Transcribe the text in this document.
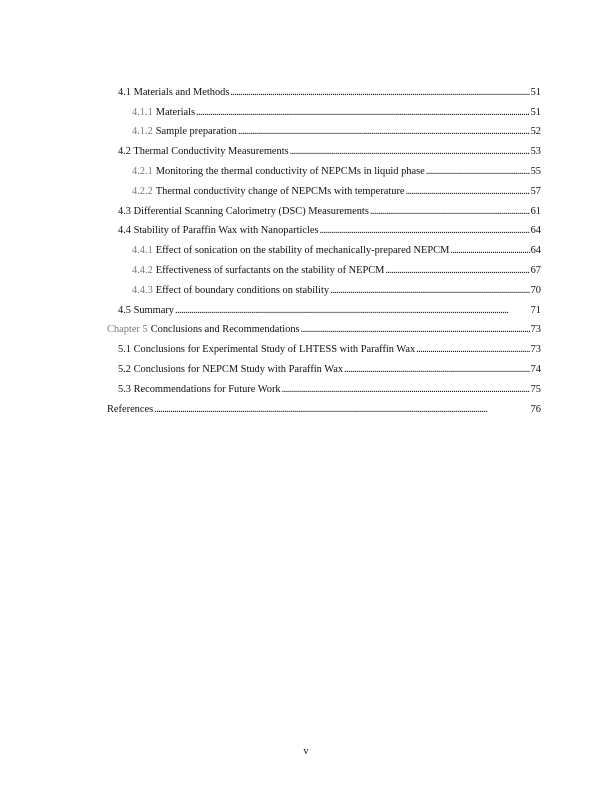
4.1 Materials and Methods . . .	51
4.1.1 Materials . . .	51
4.1.2 Sample preparation . . .	52
4.2 Thermal Conductivity Measurements . . .	53
4.2.1 Monitoring the thermal conductivity of NEPCMs in liquid phase . . .	55
4.2.2 Thermal conductivity change of NEPCMs with temperature . . .	57
4.3 Differential Scanning Calorimetry (DSC) Measurements . . .	61
4.4 Stability of Paraffin Wax with Nanoparticles . . .	64
4.4.1 Effect of sonication on the stability of mechanically-prepared NEPCM . . .	64
4.4.2 Effectiveness of surfactants on the stability of NEPCM . . .	67
4.4.3 Effect of boundary conditions on stability . . .	70
4.5 Summary . . .	71
Chapter 5 Conclusions and Recommendations . . .	73
5.1 Conclusions for Experimental Study of LHTESS with Paraffin Wax . . .	73
5.2 Conclusions for NEPCM Study with Paraffin Wax . . .	74
5.3 Recommendations for Future Work . . .	75
References . . .	76
v
